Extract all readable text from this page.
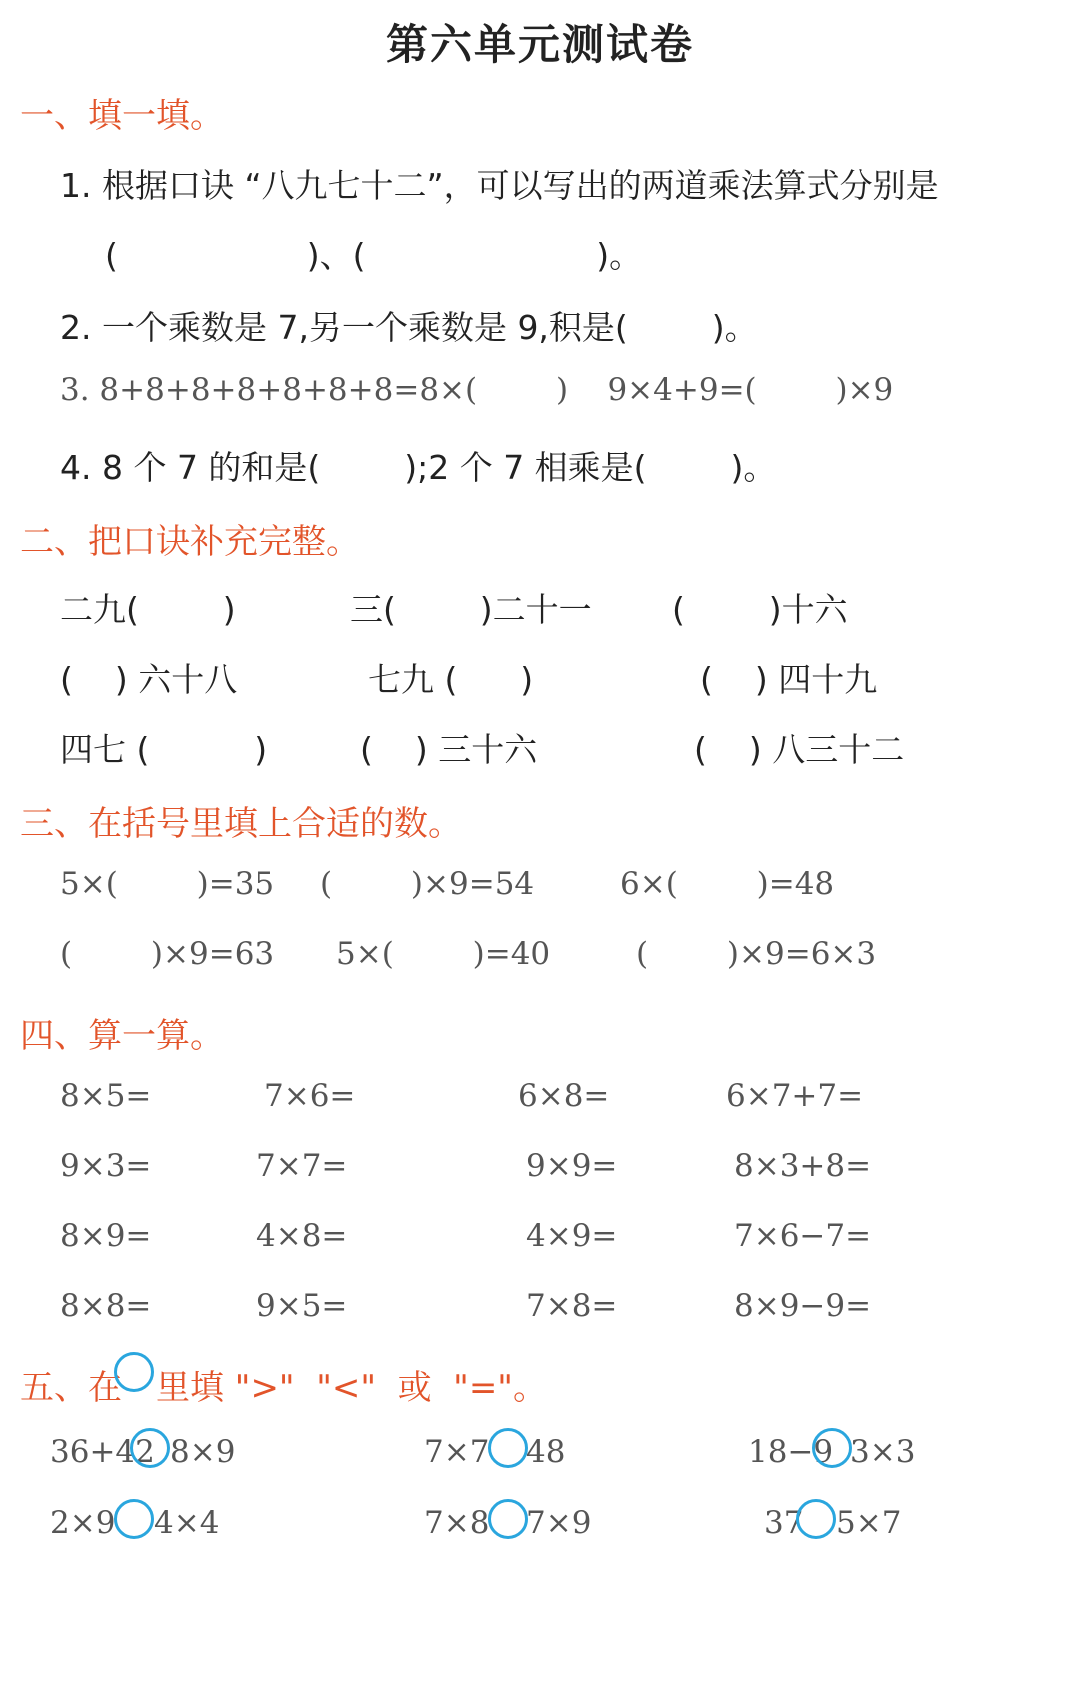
第六单元测试卷
一、填一填。
1. 根据口诀 “八九七十二”，可以写出的两道乘法算式分别是
(                  )、(                      )。
2. 一个乘数是 7,另一个乘数是 9,积是(        )。
3. 8+8+8+8+8+8+8=8×(        )    9×4+9=(        )×9
4. 8 个 7 的和是(        );2 个 7 相乘是(        )。
二、把口诀补充完整。
二九(        )	三(        )二十一 (        )十六
(    ) 六十八	七九 (      )	(    ) 四十九
四七 (          )	(    ) 三十六	(    ) 八三十二
三、在括号里填上合适的数。
5×(        )=35 (        )×9=54	6×(        )=48
(        )×9=63 5×(        )=40	(        )×9=6×3
四、算一算。
8×5=	7×6=	6×8=	6×7+7=
9×3=	7×7=	9×9=	8×3+8=
8×9=	4×8=	4×9=	7×6−7=
8×8=	9×5=	7×8=	8×9−9=
五、在 里填 ">"  "<"  或  "="。
36+42 8×9	7×7 48	18−9 3×3
2×9 4×4	7×8 7×9	37 5×7
